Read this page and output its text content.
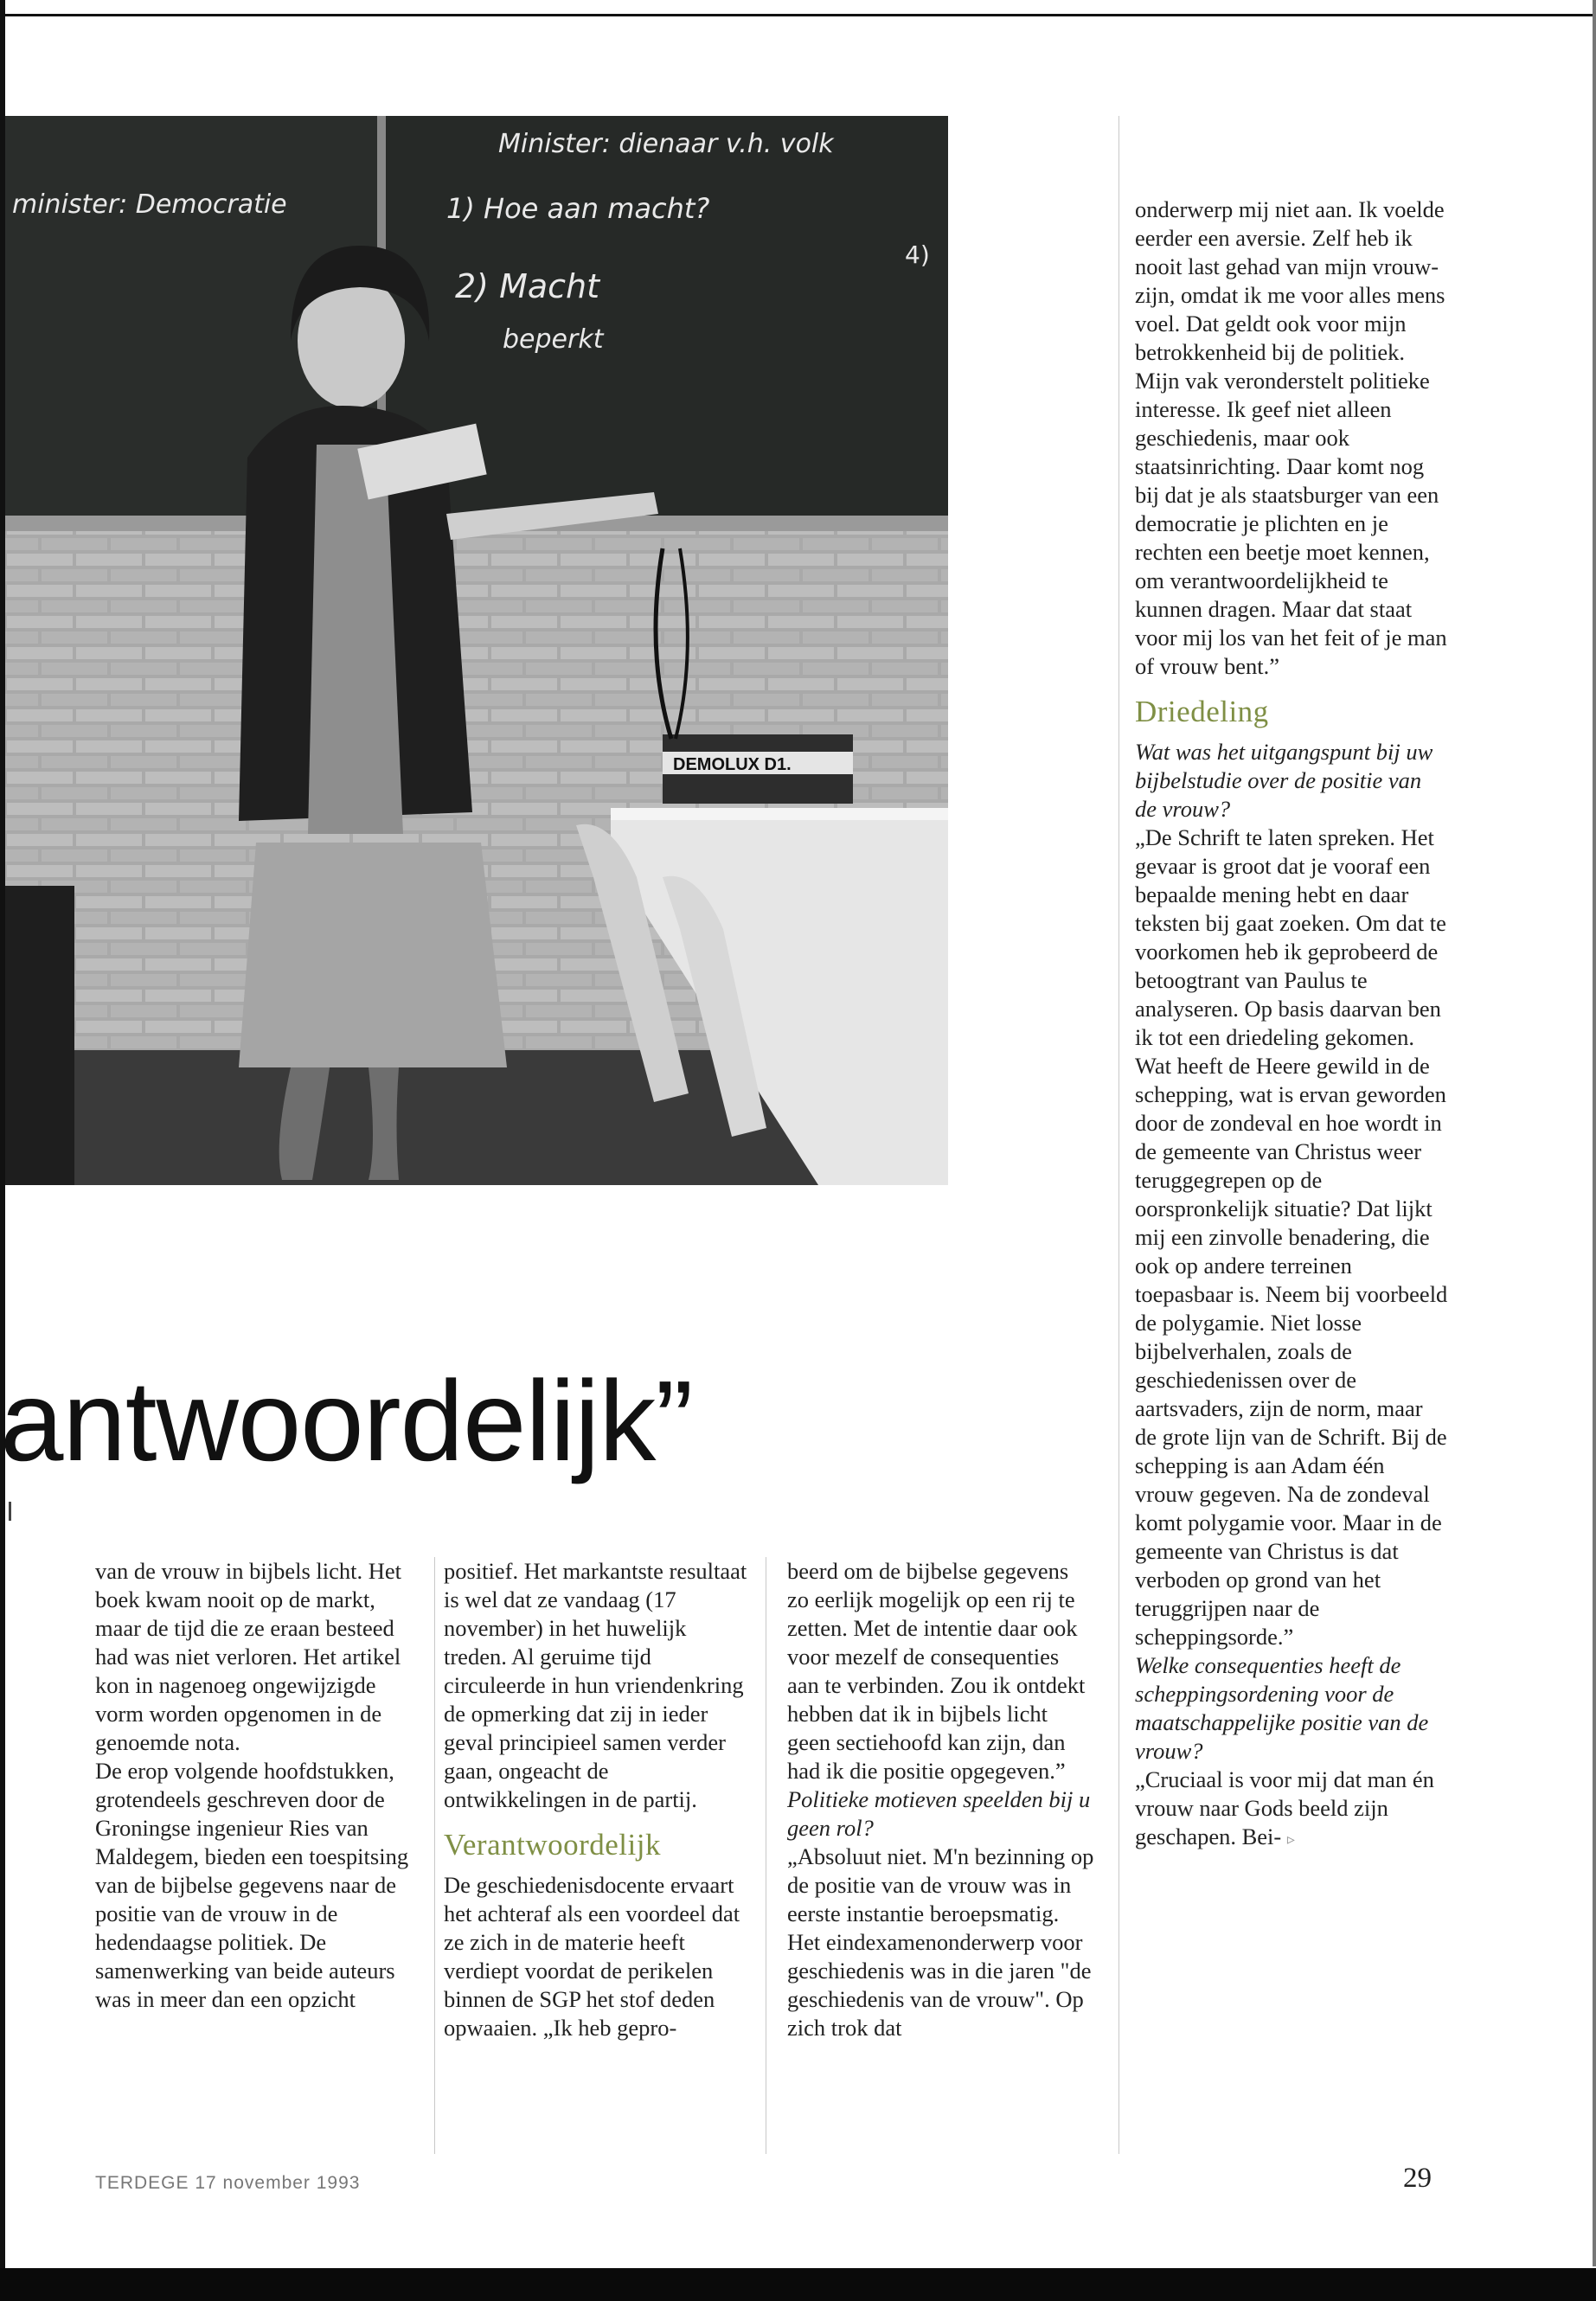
minister: Democratie
Minister: dienaar v.h. volk
1) Hoe aan macht?
2) Macht
beperkt
4)
DEMOLUX D1.
antwoordelijk”

van de vrouw in bijbels licht. Het boek kwam nooit op de markt, maar de tijd die ze eraan besteed had was niet verloren. Het artikel kon in nagenoeg ongewijzigde vorm worden opgenomen in de genoemde nota.

De erop volgende hoofdstukken, grotendeels geschreven door de Groningse ingenieur Ries van Maldegem, bieden een toespitsing van de bijbelse gegevens naar de positie van de vrouw in de hedendaagse politiek. De samenwerking van beide auteurs was in meer dan een opzicht

positief. Het markantste resultaat is wel dat ze vandaag (17 november) in het huwelijk treden. Al geruime tijd circuleerde in hun vriendenkring de opmerking dat zij in ieder geval principieel samen verder gaan, ongeacht de ontwikkelingen in de partij.

Verantwoordelijk

De geschiedenisdocente ervaart het achteraf als een voordeel dat ze zich in de materie heeft verdiept voordat de perikelen binnen de SGP het stof deden opwaaien. „Ik heb gepro-

beerd om de bijbelse gegevens zo eerlijk mogelijk op een rij te zetten. Met de intentie daar ook voor mezelf de consequenties aan te verbinden. Zou ik ontdekt hebben dat ik in bijbels licht geen sectiehoofd kan zijn, dan had ik die positie opgegeven.”

Politieke motieven speelden bij u geen rol?

„Absoluut niet. M'n bezinning op de positie van de vrouw was in eerste instantie beroepsmatig. Het eindexamenonderwerp voor geschiedenis was in die jaren "de geschiedenis van de vrouw". Op zich trok dat

onderwerp mij niet aan. Ik voelde eerder een aversie. Zelf heb ik nooit last gehad van mijn vrouw-zijn, omdat ik me voor alles mens voel. Dat geldt ook voor mijn betrokkenheid bij de politiek. Mijn vak veronderstelt politieke interesse. Ik geef niet alleen geschiedenis, maar ook staatsinrichting. Daar komt nog bij dat je als staatsburger van een democratie je plichten en je rechten een beetje moet kennen, om verantwoordelijkheid te kunnen dragen. Maar dat staat voor mij los van het feit of je man of vrouw bent.”

Driedeling

Wat was het uitgangspunt bij uw bijbelstudie over de positie van de vrouw?

„De Schrift te laten spreken. Het gevaar is groot dat je vooraf een bepaalde mening hebt en daar teksten bij gaat zoeken. Om dat te voorkomen heb ik geprobeerd de betoogtrant van Paulus te analyseren. Op basis daarvan ben ik tot een driedeling gekomen. Wat heeft de Heere gewild in de schepping, wat is ervan geworden door de zondeval en hoe wordt in de gemeente van Christus weer teruggegrepen op de oorspronkelijk situatie? Dat lijkt mij een zinvolle benadering, die ook op andere terreinen toepasbaar is. Neem bij voorbeeld de polygamie. Niet losse bijbelverhalen, zoals de geschiedenissen over de aartsvaders, zijn de norm, maar de grote lijn van de Schrift. Bij de schepping is aan Adam één vrouw gegeven. Na de zondeval komt polygamie voor. Maar in de gemeente van Christus is dat verboden op grond van het teruggrijpen naar de scheppingsorde.”

Welke consequenties heeft de scheppingsordening voor de maatschappelijke positie van de vrouw?

„Cruciaal is voor mij dat man én vrouw naar Gods beeld zijn geschapen. Bei- ▹

TERDEGE 17 november 1993	29
